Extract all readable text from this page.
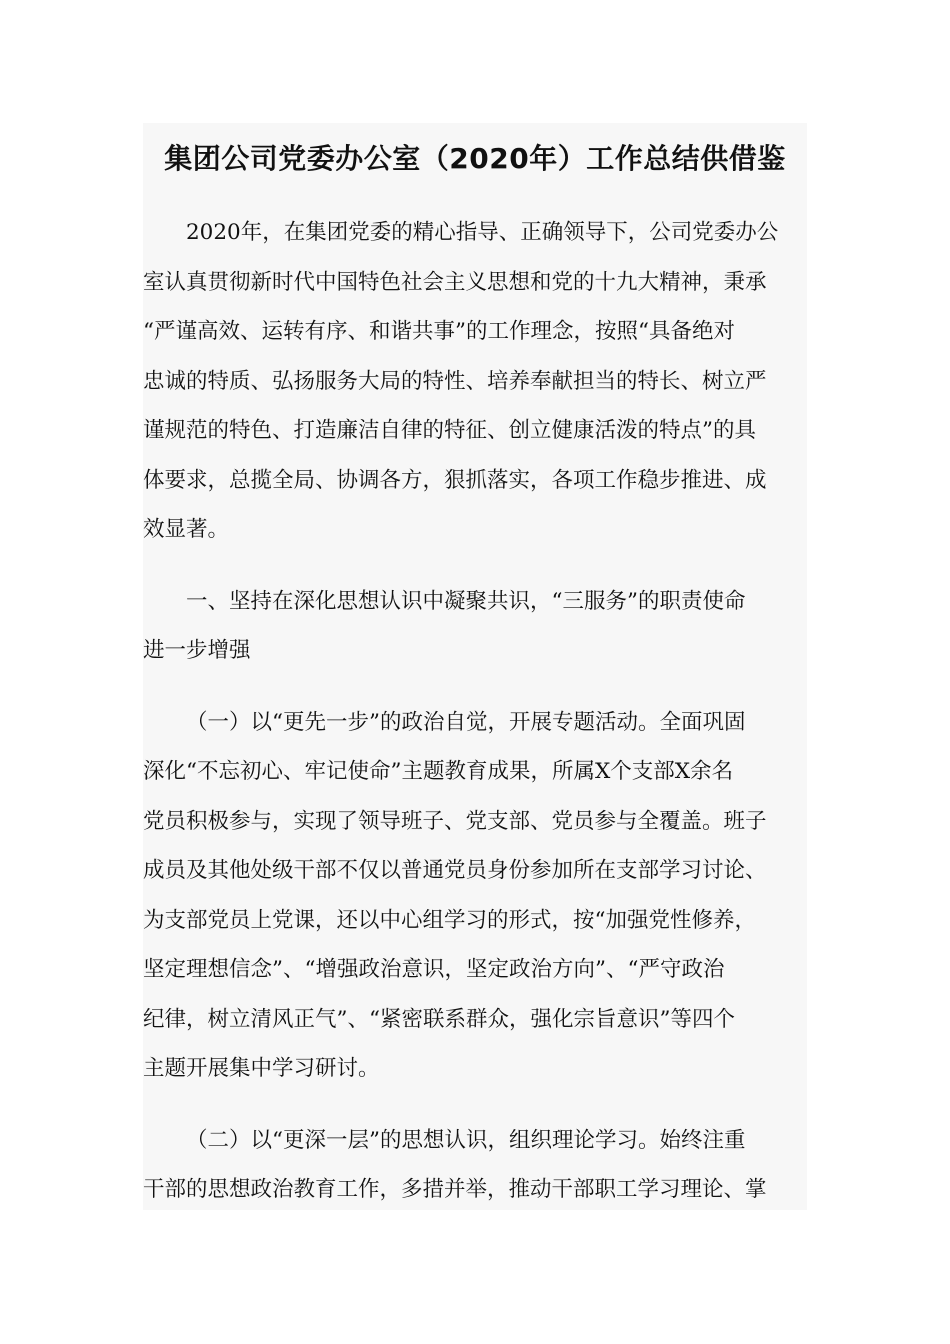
集团公司党委办公室（2020年）工作总结供借鉴

2020年，在集团党委的精心指导、正确领导下，公司党委办公
室认真贯彻新时代中国特色社会主义思想和党的十九大精神，秉承
“严谨高效、运转有序、和谐共事”的工作理念，按照“具备绝对
忠诚的特质、弘扬服务大局的特性、培养奉献担当的特长、树立严
谨规范的特色、打造廉洁自律的特征、创立健康活泼的特点”的具
体要求，总揽全局、协调各方，狠抓落实，各项工作稳步推进、成
效显著。

一、坚持在深化思想认识中凝聚共识，“三服务”的职责使命
进一步增强

（一）以“更先一步”的政治自觉，开展专题活动。全面巩固
深化“不忘初心、牢记使命”主题教育成果，所属X个支部X余名
党员积极参与，实现了领导班子、党支部、党员参与全覆盖。班子
成员及其他处级干部不仅以普通党员身份参加所在支部学习讨论、
为支部党员上党课，还以中心组学习的形式，按“加强党性修养，
坚定理想信念”、“增强政治意识，坚定政治方向”、“严守政治
纪律，树立清风正气”、“紧密联系群众，强化宗旨意识”等四个
主题开展集中学习研讨。

（二）以“更深一层”的思想认识，组织理论学习。始终注重
干部的思想政治教育工作，多措并举，推动干部职工学习理论、掌
